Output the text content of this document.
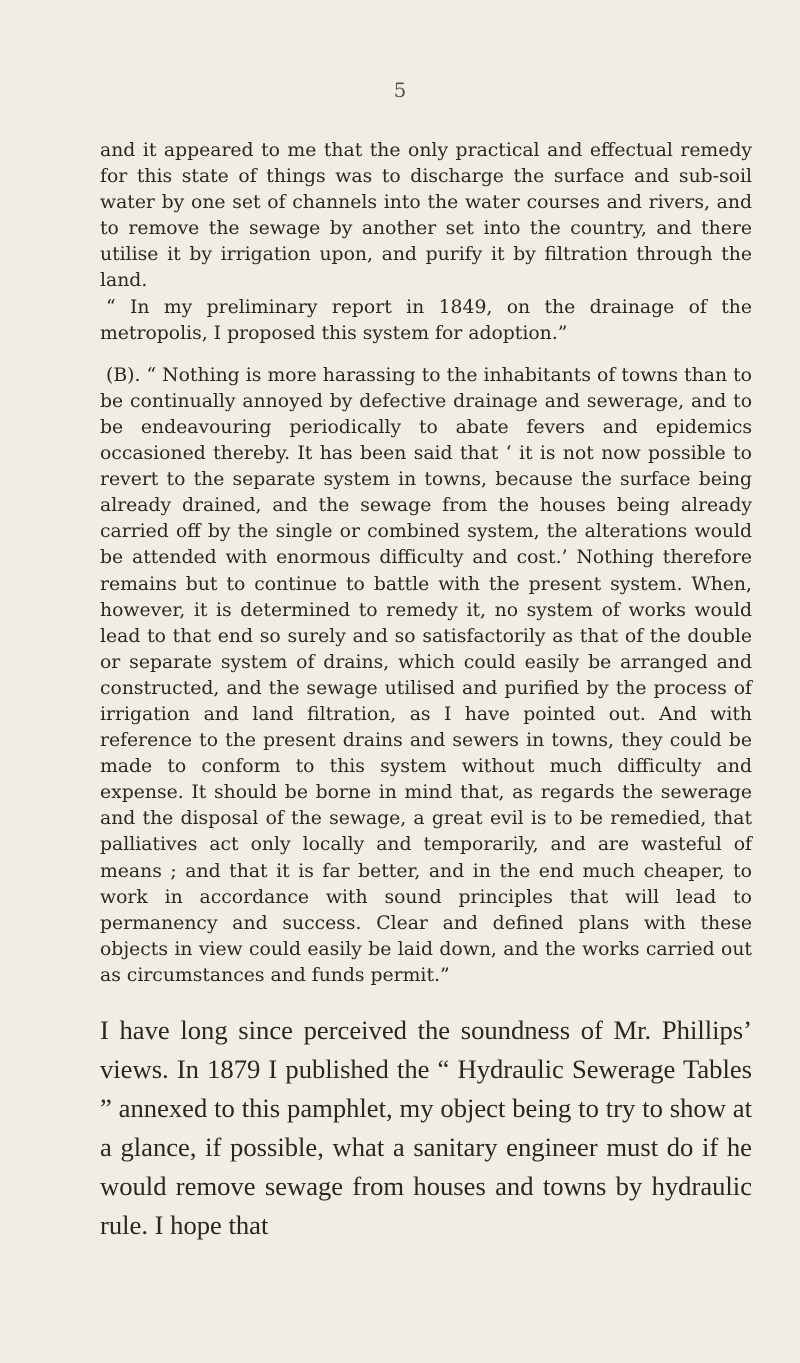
5

and it appeared to me that the only practical and effectual remedy for this state of things was to discharge the surface and sub-soil water by one set of channels into the water courses and rivers, and to remove the sewage by another set into the country, and there utilise it by irrigation upon, and purify it by filtration through the land.

“ In my preliminary report in 1849, on the drainage of the metropolis, I proposed this system for adoption.”

(B). “ Nothing is more harassing to the inhabitants of towns than to be continually annoyed by defective drainage and sewerage, and to be endeavouring periodically to abate fevers and epidemics occasioned thereby. It has been said that ‘ it is not now possible to revert to the separate system in towns, because the surface being already drained, and the sewage from the houses being already carried off by the single or combined system, the alterations would be attended with enormous difficulty and cost.’ Nothing therefore remains but to continue to battle with the present system. When, however, it is determined to remedy it, no system of works would lead to that end so surely and so satisfactorily as that of the double or separate system of drains, which could easily be arranged and constructed, and the sewage utilised and purified by the process of irrigation and land filtration, as I have pointed out. And with reference to the present drains and sewers in towns, they could be made to conform to this system without much difficulty and expense. It should be borne in mind that, as regards the sewerage and the disposal of the sewage, a great evil is to be remedied, that palliatives act only locally and temporarily, and are wasteful of means ; and that it is far better, and in the end much cheaper, to work in accordance with sound principles that will lead to permanency and success. Clear and defined plans with these objects in view could easily be laid down, and the works carried out as circumstances and funds permit.”

I have long since perceived the soundness of Mr. Phillips’ views. In 1879 I published the “ Hydraulic Sewerage Tables ” annexed to this pamphlet, my object being to try to show at a glance, if possible, what a sanitary engineer must do if he would remove sewage from houses and towns by hydraulic rule. I hope that
